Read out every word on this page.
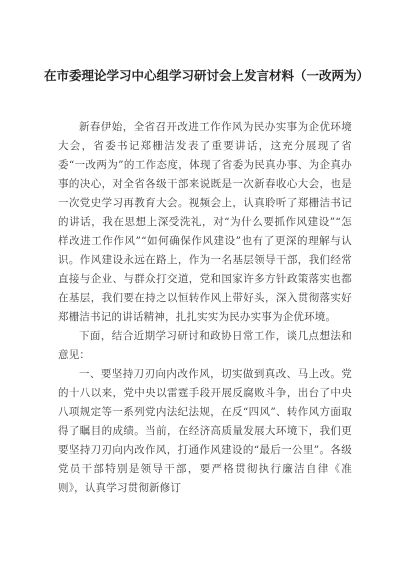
在市委理论学习中心组学习研讨会上发言材料（一改两为）

新春伊始，全省召开改进工作作风为民办实事为企优环境大会，省委书记郑栅洁发表了重要讲话，这充分展现了省委“一改两为”的工作态度，体现了省委为民真办事、为企真办事的决心，对全省各级干部来说既是一次新春收心大会，也是一次党史学习再教育大会。视频会上，认真聆听了郑栅洁书记的讲话，我在思想上深受洗礼，对“为什么要抓作风建设”“怎样改进工作作风”“如何确保作风建设”也有了更深的理解与认识。作风建设永远在路上，作为一名基层领导干部，我们经常直接与企业、与群众打交道，党和国家许多方针政策落实也都在基层，我们要在持之以恒转作风上带好头，深入贯彻落实好郑栅洁书记的讲话精神，扎扎实实为民办实事为企优环境。

下面，结合近期学习研讨和政协日常工作，谈几点想法和意见：

一、要坚持刀刃向内改作风，切实做到真改、马上改。党的十八以来，党中央以雷霆手段开展反腐败斗争，出台了中央八项规定等一系列党内法纪法规，在反“四风”、转作风方面取得了瞩目的成绩。当前，在经济高质量发展大环境下，我们更要坚持刀刃向内改作风，打通作风建设的“最后一公里”。各级党员干部特别是领导干部，要严格贯彻执行廉洁自律《准则》，认真学习贯彻新修订
